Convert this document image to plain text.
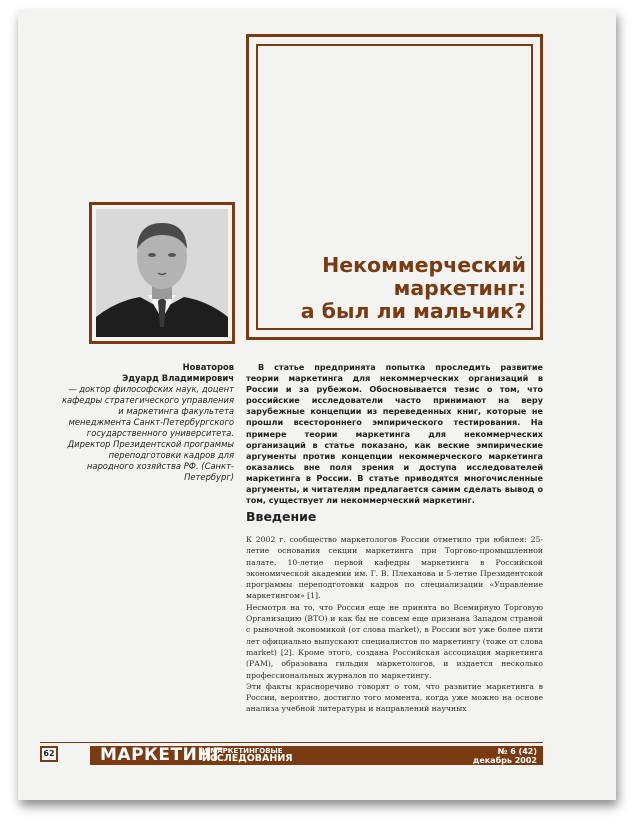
Некоммерческий
маркетинг:
а был ли мальчик?
Новаторов
Эдуард Владимирович
— доктор философских наук, доцент кафедры стратегического управления и маркетинга факультета менеджмента Санкт-Петербургского государственного университета. Директор Президентской программы переподготовки кадров для народного хозяйства РФ. (Санкт-Петербург)

В статье предпринята попытка проследить развитие теории маркетинга для некоммерческих организаций в России и за рубежом. Обосновывается тезис о том, что российские исследователи часто принимают на веру зарубежные концепции из переведенных книг, которые не прошли всестороннего эмпирического тестирования. На примере теории маркетинга для некоммерческих организаций в статье показано, как веские эмпирические аргументы против концепции некоммерческого маркетинга оказались вне поля зрения и доступа исследователей маркетинга в России. В статье приводятся многочисленные аргументы, и читателям предлагается самим сделать вывод о том, существует ли некоммерческий маркетинг.

Введение

К 2002 г. сообщество маркетологов России отметило три юбилея: 25-летие основания секции маркетинга при Торгово-промышленной палате, 10-летие первой кафедры маркетинга в Российской экономической академии им. Г. В. Плеханова и 5-летие Президентской программы переподготовки кадров по специализации «Управление маркетингом» [1].

Несмотря на то, что Россия еще не принята во Всемирную Торговую Организацию (ВТО) и как бы не совсем еще признана Западом страной с рыночной экономикой (от слова market), в России вот уже более пяти лет официально выпускают специалистов по маркетингу (тоже от слова market) [2]. Кроме этого, создана Российская ассоциация маркетинга (РАМ), образована гильдия маркетологов, и издается несколько профессиональных журналов по маркетингу.

Эти факты красноречиво говорят о том, что развитие маркетинга в России, вероятно, достигло того момента, когда уже можно на основе анализа учебной литературы и направлений научных

62	МАРКЕТИНГ
И МАРКЕТИНГОВЫЕ
ИССЛЕДОВАНИЯ
№ 6 (42)
декабрь 2002
